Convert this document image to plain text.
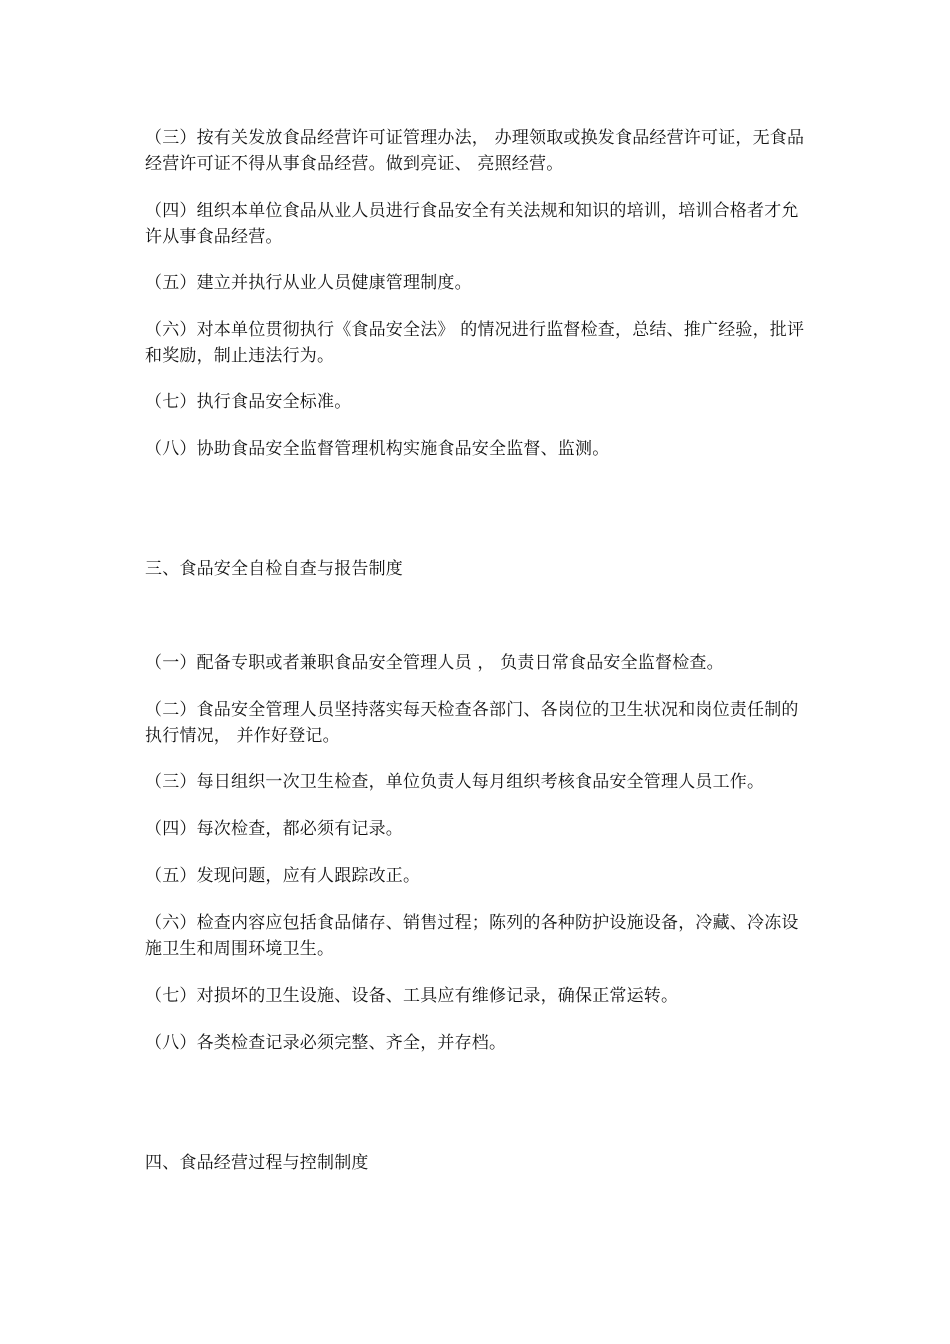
（三）按有关发放食品经营许可证管理办法， 办理领取或换发食品经营许可证，无食品经营许可证不得从事食品经营。做到亮证、 亮照经营。

（四）组织本单位食品从业人员进行食品安全有关法规和知识的培训，培训合格者才允许从事食品经营。

（五）建立并执行从业人员健康管理制度。

（六）对本单位贯彻执行《食品安全法》 的情况进行监督检查，总结、推广经验，批评和奖励，制止违法行为。

（七）执行食品安全标准。

（八）协助食品安全监督管理机构实施食品安全监督、监测。

三、食品安全自检自查与报告制度

（一）配备专职或者兼职食品安全管理人员 ， 负责日常食品安全监督检查。

（二）食品安全管理人员坚持落实每天检查各部门、各岗位的卫生状况和岗位责任制的执行情况， 并作好登记。

（三）每日组织一次卫生检查，单位负责人每月组织考核食品安全管理人员工作。

（四）每次检查，都必须有记录。

（五）发现问题，应有人跟踪改正。

（六）检查内容应包括食品储存、销售过程；陈列的各种防护设施设备，冷藏、冷冻设施卫生和周围环境卫生。

（七）对损坏的卫生设施、设备、工具应有维修记录，确保正常运转。

（八）各类检查记录必须完整、齐全，并存档。

四、食品经营过程与控制制度
